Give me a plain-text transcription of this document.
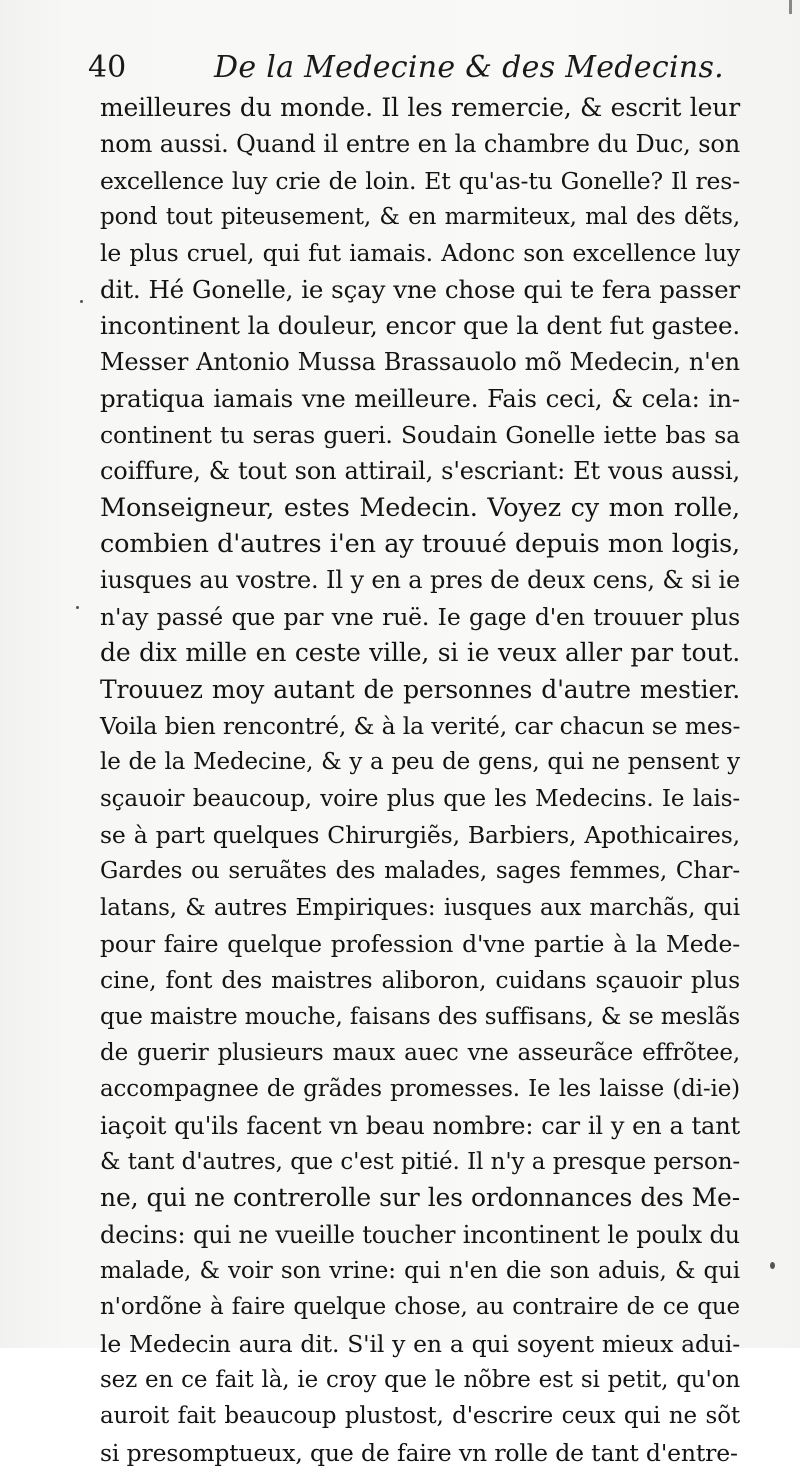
40	De la Medecine & des Medecins.
meilleures du monde. Il les remercie, & escrit leur
nom aussi. Quand il entre en la chambre du Duc, son
excellence luy crie de loin. Et qu'as-tu Gonelle? Il res-
pond tout piteusement, & en marmiteux, mal des dẽts,
le plus cruel, qui fut iamais. Adonc son excellence luy
dit. Hé Gonelle, ie sçay vne chose qui te fera passer
incontinent la douleur, encor que la dent fut gastee.
Messer Antonio Mussa Brassauolo mõ Medecin, n'en
pratiqua iamais vne meilleure. Fais ceci, & cela: in-
continent tu seras gueri. Soudain Gonelle iette bas sa
coiffure, & tout son attirail, s'escriant: Et vous aussi,
Monseigneur, estes Medecin. Voyez cy mon rolle,
combien d'autres i'en ay trouué depuis mon logis,
iusques au vostre. Il y en a pres de deux cens, & si ie
n'ay passé que par vne ruë. Ie gage d'en trouuer plus
de dix mille en ceste ville, si ie veux aller par tout.
Trouuez moy autant de personnes d'autre mestier.
Voila bien rencontré, & à la verité, car chacun se mes-
le de la Medecine, & y a peu de gens, qui ne pensent y
sçauoir beaucoup, voire plus que les Medecins. Ie lais-
se à part quelques Chirurgiẽs, Barbiers, Apothicaires,
Gardes ou seruãtes des malades, sages femmes, Char-
latans, & autres Empiriques: iusques aux marchãs, qui
pour faire quelque profession d'vne partie à la Mede-
cine, font des maistres aliboron, cuidans sçauoir plus
que maistre mouche, faisans des suffisans, & se meslãs
de guerir plusieurs maux auec vne asseurãce effrõtee,
accompagnee de grãdes promesses. Ie les laisse (di-ie)
iaçoit qu'ils facent vn beau nombre: car il y en a tant
& tant d'autres, que c'est pitié. Il n'y a presque person-
ne, qui ne contrerolle sur les ordonnances des Me-
decins: qui ne vueille toucher incontinent le poulx du
malade, & voir son vrine: qui n'en die son aduis, & qui
n'ordõne à faire quelque chose, au contraire de ce que
le Medecin aura dit. S'il y en a qui soyent mieux adui-
sez en ce fait là, ie croy que le nõbre est si petit, qu'on
auroit fait beaucoup plustost, d'escrire ceux qui ne sõt
si presomptueux, que de faire vn rolle de tant d'entre-
